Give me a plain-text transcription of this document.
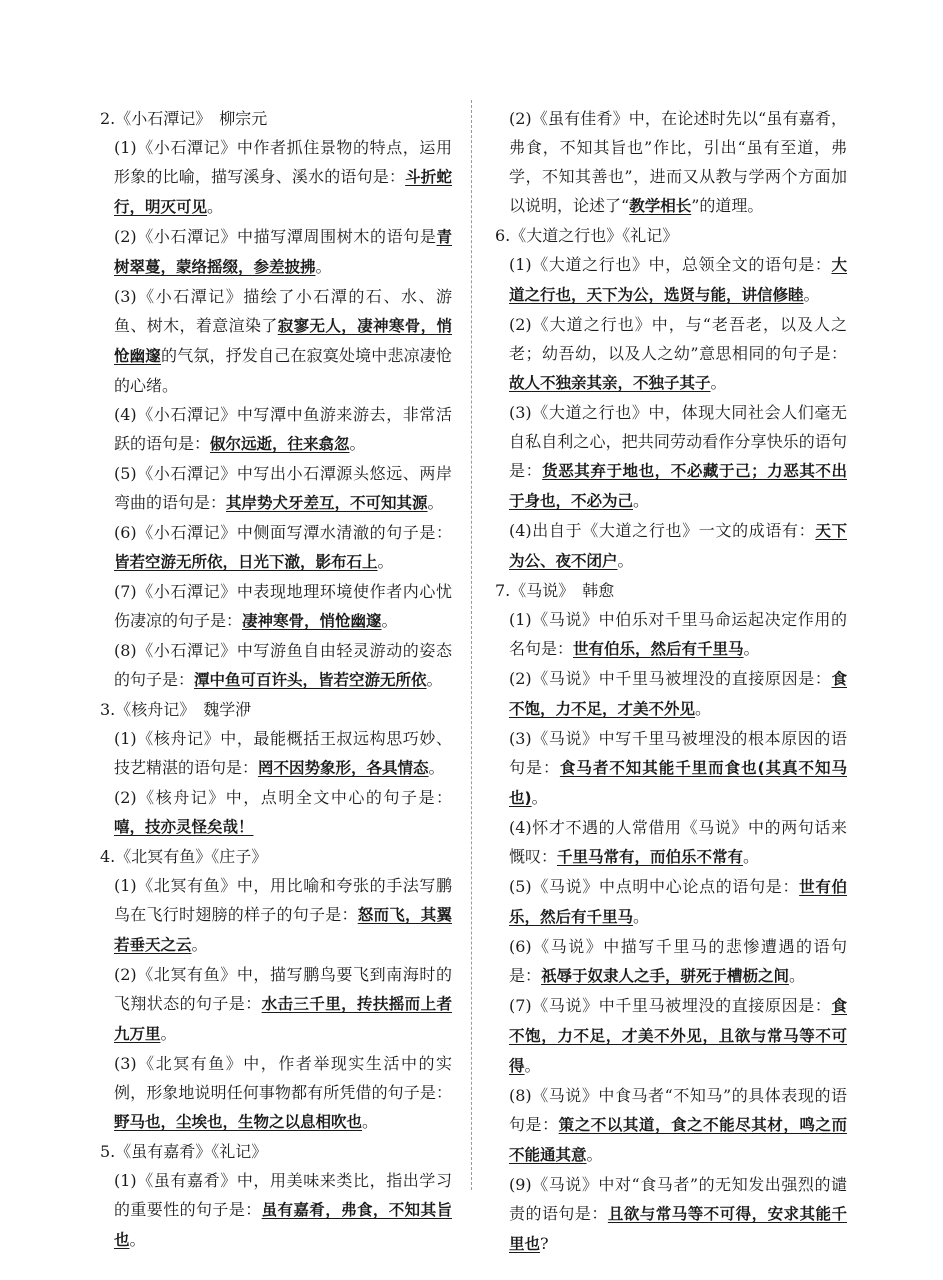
2.《小石潭记》　柳宗元

(1)《小石潭记》中作者抓住景物的特点，运用形象的比喻，描写溪身、溪水的语句是：斗折蛇行，明灭可见。

(2)《小石潭记》中描写潭周围树木的语句是青树翠蔓，蒙络摇缀，参差披拂。

(3)《小石潭记》描绘了小石潭的石、水、游鱼、树木，着意渲染了寂寥无人，凄神寒骨，悄怆幽邃的气氛，抒发自己在寂寞处境中悲凉凄怆的心绪。

(4)《小石潭记》中写潭中鱼游来游去，非常活跃的语句是：俶尔远逝，往来翕忽。

(5)《小石潭记》中写出小石潭源头悠远、两岸弯曲的语句是：其岸势犬牙差互，不可知其源。

(6)《小石潭记》中侧面写潭水清澈的句子是：皆若空游无所依，日光下澈，影布石上。

(7)《小石潭记》中表现地理环境使作者内心忧伤凄凉的句子是：凄神寒骨，悄怆幽邃。

(8)《小石潭记》中写游鱼自由轻灵游动的姿态的句子是：潭中鱼可百许头，皆若空游无所依。

3.《核舟记》　魏学洢

(1)《核舟记》中，最能概括王叔远构思巧妙、技艺精湛的语句是：罔不因势象形，各具情态。

(2)《核舟记》中，点明全文中心的句子是：嘻，技亦灵怪矣哉！

4.《北冥有鱼》《庄子》

(1)《北冥有鱼》中，用比喻和夸张的手法写鹏鸟在飞行时翅膀的样子的句子是：怒而飞，其翼若垂天之云。

(2)《北冥有鱼》中，描写鹏鸟要飞到南海时的飞翔状态的句子是：水击三千里，抟扶摇而上者九万里。

(3)《北冥有鱼》中，作者举现实生活中的实例，形象地说明任何事物都有所凭借的句子是：野马也，尘埃也，生物之以息相吹也。

5.《虽有嘉肴》《礼记》

(1)《虽有嘉肴》中，用美味来类比，指出学习的重要性的句子是：虽有嘉肴，弗食，不知其旨也。

(2)《虽有佳肴》中，在论述时先以“虽有嘉肴，弗食，不知其旨也”作比，引出“虽有至道，弗学，不知其善也”，进而又从教与学两个方面加以说明，论述了“教学相长”的道理。

6.《大道之行也》《礼记》

(1)《大道之行也》中，总领全文的语句是：大道之行也，天下为公，选贤与能，讲信修睦。

(2)《大道之行也》中，与“老吾老，以及人之老；幼吾幼，以及人之幼”意思相同的句子是：故人不独亲其亲，不独子其子。

(3)《大道之行也》中，体现大同社会人们毫无自私自利之心，把共同劳动看作分享快乐的语句是：货恶其弃于地也，不必藏于己；力恶其不出于身也，不必为己。

(4)出自于《大道之行也》一文的成语有：天下为公、夜不闭户。

7.《马说》　韩愈

(1)《马说》中伯乐对千里马命运起决定作用的名句是：世有伯乐，然后有千里马。

(2)《马说》中千里马被埋没的直接原因是：食不饱，力不足，才美不外见。

(3)《马说》中写千里马被埋没的根本原因的语句是：食马者不知其能千里而食也(其真不知马也)。

(4)怀才不遇的人常借用《马说》中的两句话来慨叹：千里马常有，而伯乐不常有。

(5)《马说》中点明中心论点的语句是：世有伯乐，然后有千里马。

(6)《马说》中描写千里马的悲惨遭遇的语句是：祇辱于奴隶人之手，骈死于槽枥之间。

(7)《马说》中千里马被埋没的直接原因是：食不饱，力不足，才美不外见，且欲与常马等不可得。

(8)《马说》中食马者“不知马”的具体表现的语句是：策之不以其道，食之不能尽其材，鸣之而不能通其意。

(9)《马说》中对“食马者”的无知发出强烈的谴责的语句是：且欲与常马等不可得，安求其能千里也?
